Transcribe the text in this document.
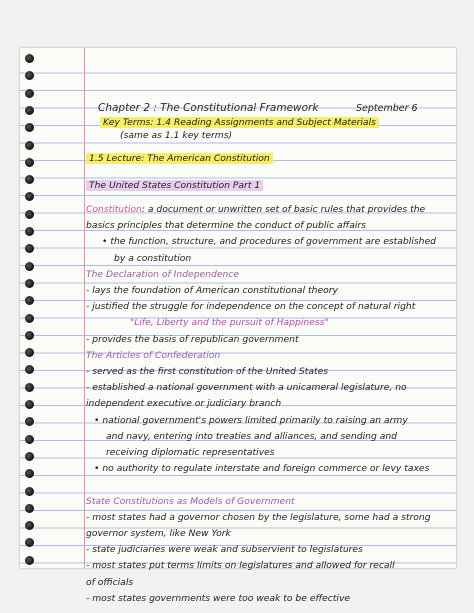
Chapter 2 : The Constitutional Framework	September 6
Key Terms: 1.4 Reading Assignments and Subject Materials
(same as 1.1 key terms)
1.5 Lecture: The American Constitution
The United States Constitution Part 1
Constitution: a document or unwritten set of basic rules that provides the
basics principles that determine the conduct of public affairs
• the function, structure, and procedures of government are established
by a constitution
The Declaration of Independence
- lays the foundation of American constitutional theory
- justified the struggle for independence on the concept of natural right
"Life, Liberty and the pursuit of Happiness"
- provides the basis of republican government
The Articles of Confederation
- served as the first constitution of the United States
- established a national government with a unicameral legislature, no
independent executive or judiciary branch
• national government's powers limited primarily to raising an army
and navy, entering into treaties and alliances, and sending and
receiving diplomatic representatives
• no authority to regulate interstate and foreign commerce or levy taxes
State Constitutions as Models of Government
- most states had a governor chosen by the legislature, some had a strong
governor system, like New York
- state judiciaries were weak and subservient to legislatures
- most states put terms limits on legislatures and allowed for recall
of officials
- most states governments were too weak to be effective
